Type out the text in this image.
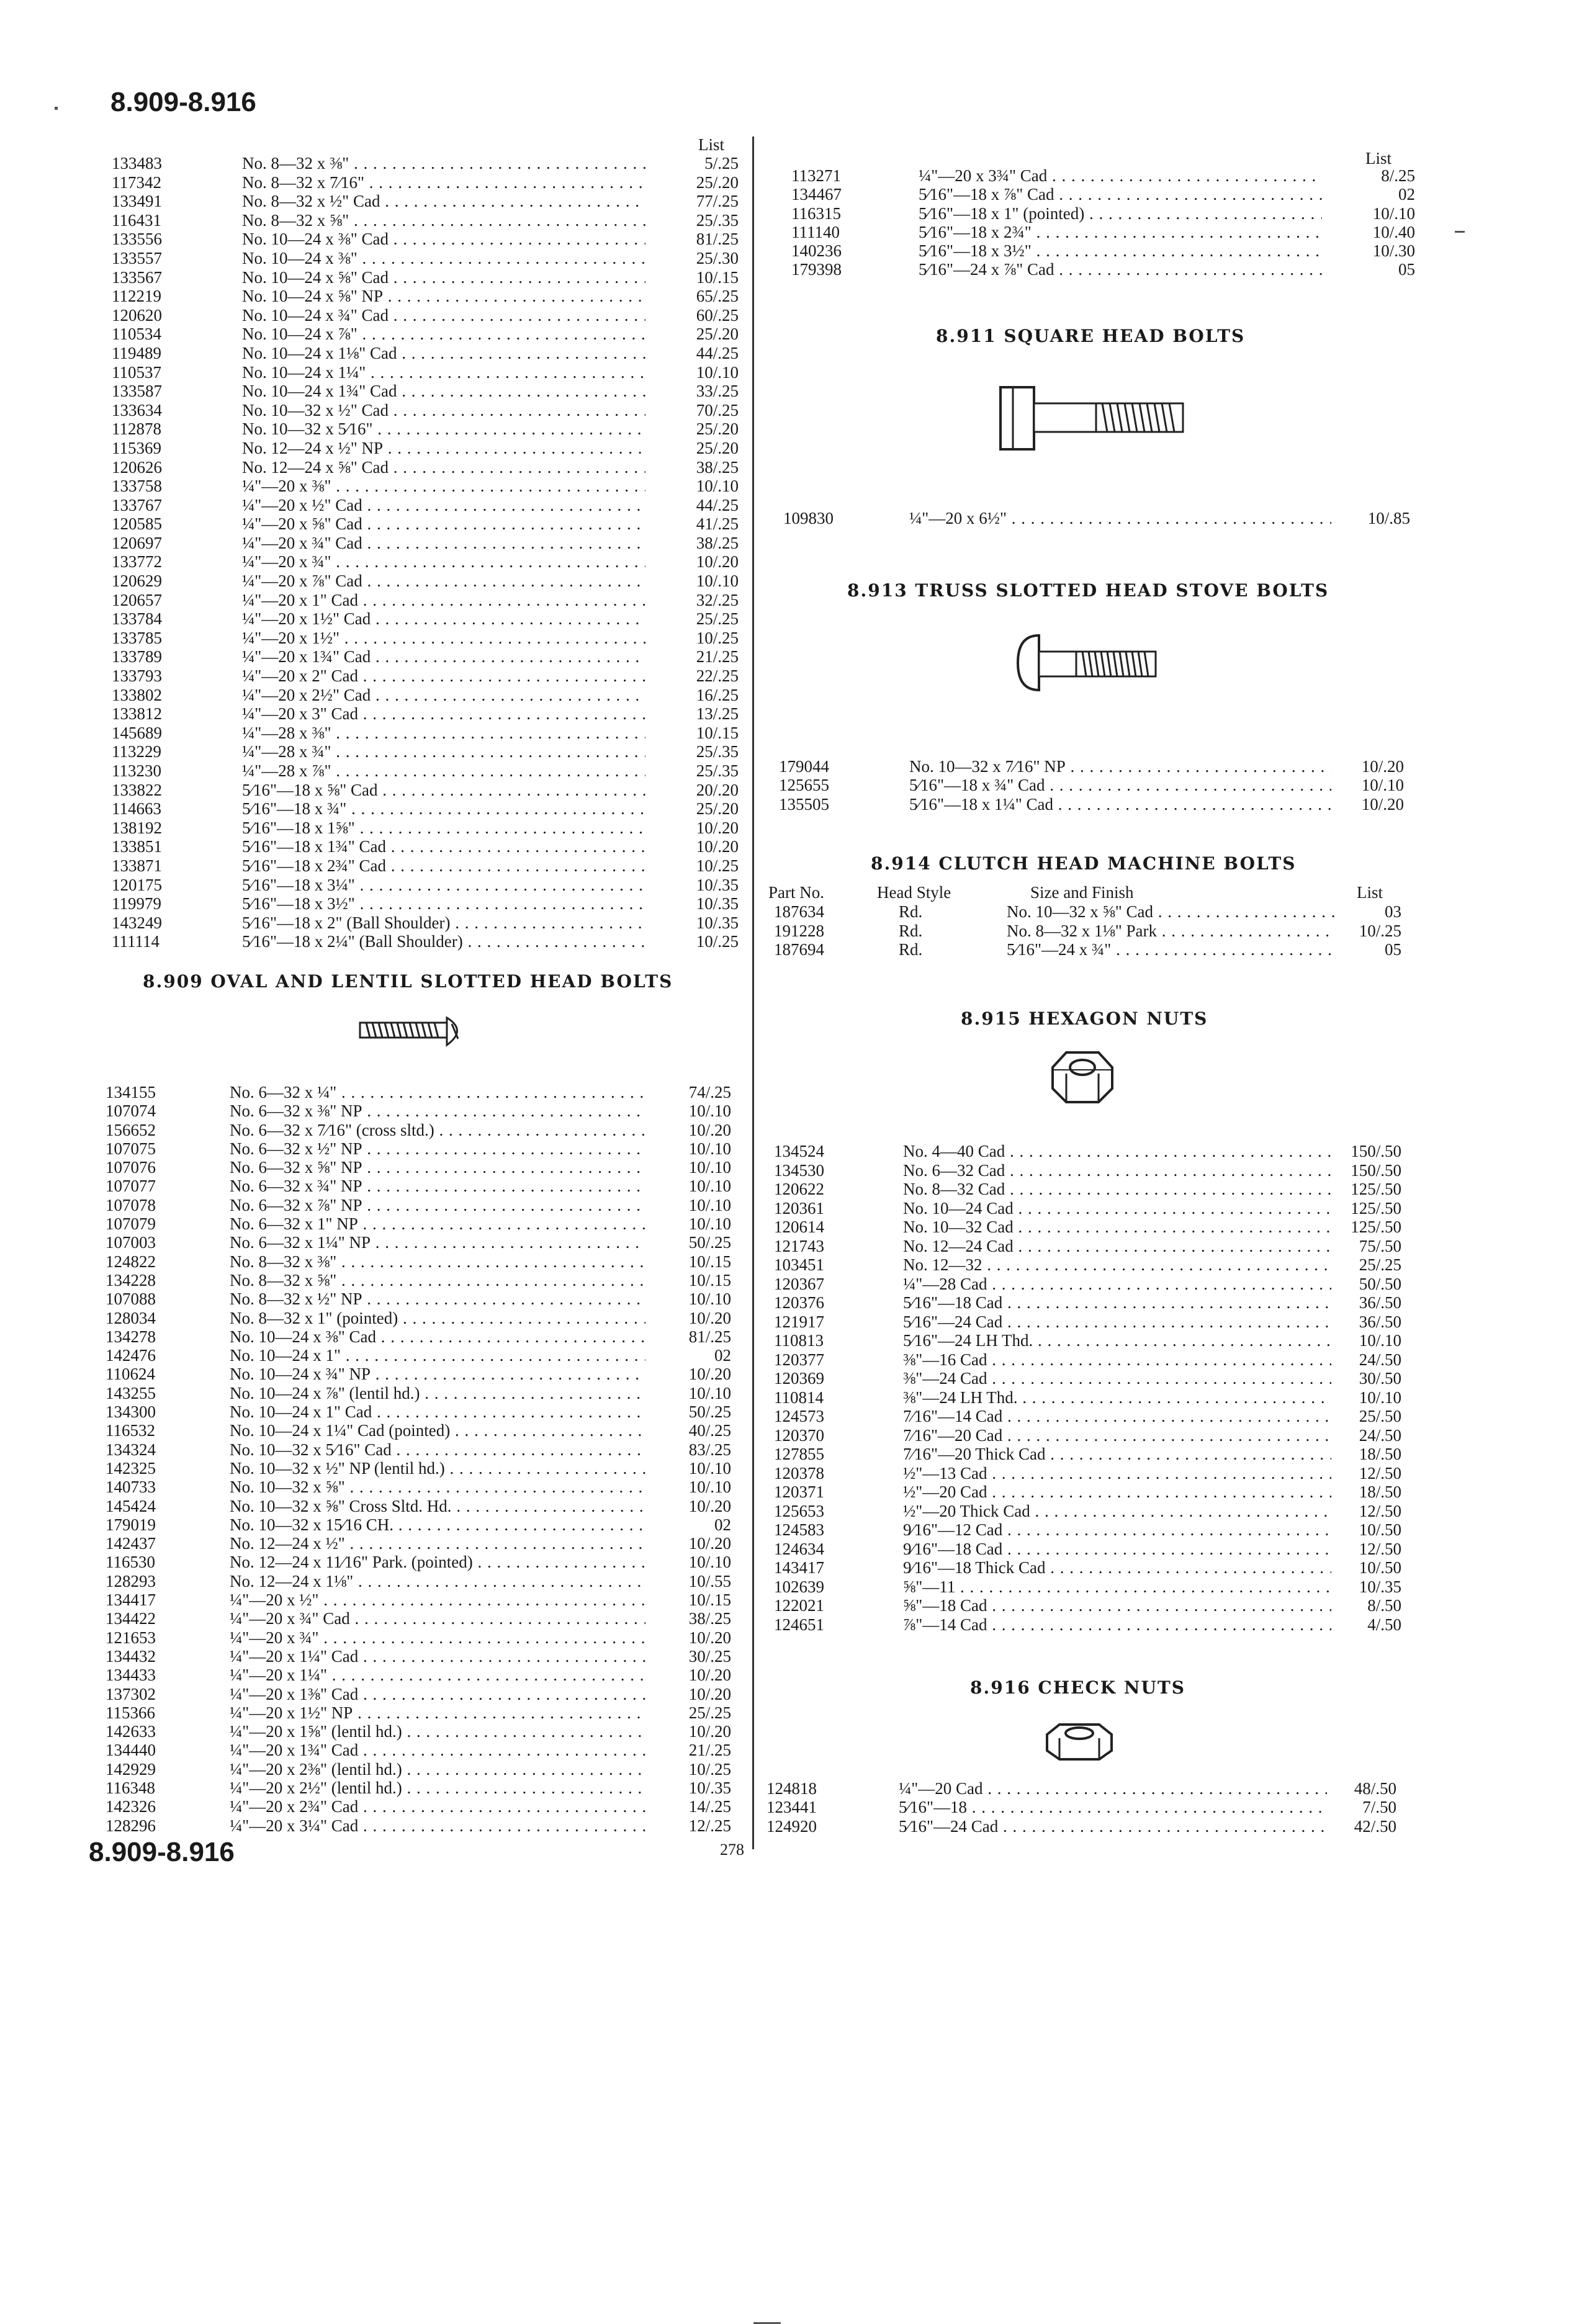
8.909-8.916
List
133483	No. 8—32 x ⅜" . . .	5/.25
117342	No. 8—32 x 7⁄16" . . .	25/.20
133491	No. 8—32 x ½" Cad . . .	77/.25
116431	No. 8—32 x ⅝" . . .	25/.35
133556	No. 10—24 x ⅜" Cad . . .	81/.25
133557	No. 10—24 x ⅜" . . .	25/.30
133567	No. 10—24 x ⅝" Cad . . .	10/.15
112219	No. 10—24 x ⅝" NP . . .	65/.25
120620	No. 10—24 x ¾" Cad . . .	60/.25
110534	No. 10—24 x ⅞" . . .	25/.20
119489	No. 10—24 x 1⅛" Cad . . .	44/.25
110537	No. 10—24 x 1¼" . . .	10/.10
133587	No. 10—24 x 1¾" Cad . . .	33/.25
133634	No. 10—32 x ½" Cad . . .	70/.25
112878	No. 10—32 x 5⁄16" . . .	25/.20
115369	No. 12—24 x ½" NP . . .	25/.20
120626	No. 12—24 x ⅝" Cad . . .	38/.25
133758	¼"—20 x ⅜" . . .	10/.10
133767	¼"—20 x ½" Cad . . .	44/.25
120585	¼"—20 x ⅝" Cad . . .	41/.25
120697	¼"—20 x ¾" Cad . . .	38/.25
133772	¼"—20 x ¾" . . .	10/.20
120629	¼"—20 x ⅞" Cad . . .	10/.10
120657	¼"—20 x 1" Cad . . .	32/.25
133784	¼"—20 x 1½" Cad . . .	25/.25
133785	¼"—20 x 1½" . . .	10/.25
133789	¼"—20 x 1¾" Cad . . .	21/.25
133793	¼"—20 x 2" Cad . . .	22/.25
133802	¼"—20 x 2½" Cad . . .	16/.25
133812	¼"—20 x 3" Cad . . .	13/.25
145689	¼"—28 x ⅜" . . .	10/.15
113229	¼"—28 x ¾" . . .	25/.35
113230	¼"—28 x ⅞" . . .	25/.35
133822	5⁄16"—18 x ⅝" Cad . . .	20/.20
114663	5⁄16"—18 x ¾" . . .	25/.20
138192	5⁄16"—18 x 1⅝" . . .	10/.20
133851	5⁄16"—18 x 1¾" Cad . . .	10/.20
133871	5⁄16"—18 x 2¾" Cad . . .	10/.25
120175	5⁄16"—18 x 3¼" . . .	10/.35
119979	5⁄16"—18 x 3½" . . .	10/.35
143249	5⁄16"—18 x 2" (Ball Shoulder) . . .	10/.35
111114	5⁄16"—18 x 2¼" (Ball Shoulder) . . .	10/.25
8.909 OVAL AND LENTIL SLOTTED HEAD BOLTS
134155	No. 6—32 x ¼" . . .	74/.25
107074	No. 6—32 x ⅜" NP . . .	10/.10
156652	No. 6—32 x 7⁄16" (cross sltd.) . . .	10/.20
107075	No. 6—32 x ½" NP . . .	10/.10
107076	No. 6—32 x ⅝" NP . . .	10/.10
107077	No. 6—32 x ¾" NP . . .	10/.10
107078	No. 6—32 x ⅞" NP . . .	10/.10
107079	No. 6—32 x 1" NP . . .	10/.10
107003	No. 6—32 x 1¼" NP . . .	50/.25
124822	No. 8—32 x ⅜" . . .	10/.15
134228	No. 8—32 x ⅝" . . .	10/.15
107088	No. 8—32 x ½" NP . . .	10/.10
128034	No. 8—32 x 1" (pointed) . . .	10/.20
134278	No. 10—24 x ⅜" Cad . . .	81/.25
142476	No. 10—24 x 1" . . .	02
110624	No. 10—24 x ¾" NP . . .	10/.20
143255	No. 10—24 x ⅞" (lentil hd.) . . .	10/.10
134300	No. 10—24 x 1" Cad . . .	50/.25
116532	No. 10—24 x 1¼" Cad (pointed) . . .	40/.25
134324	No. 10—32 x 5⁄16" Cad . . .	83/.25
142325	No. 10—32 x ½" NP (lentil hd.) . . .	10/.10
140733	No. 10—32 x ⅝" . . .	10/.10
145424	No. 10—32 x ⅝" Cross Sltd. Hd. . . .	10/.20
179019	No. 10—32 x 15⁄16 CH. . . .	02
142437	No. 12—24 x ½" . . .	10/.20
116530	No. 12—24 x 11⁄16" Park. (pointed) . . .	10/.10
128293	No. 12—24 x 1⅛" . . .	10/.55
134417	¼"—20 x ½" . . .	10/.15
134422	¼"—20 x ¾" Cad . . .	38/.25
121653	¼"—20 x ¾" . . .	10/.20
134432	¼"—20 x 1¼" Cad . . .	30/.25
134433	¼"—20 x 1¼" . . .	10/.20
137302	¼"—20 x 1⅜" Cad . . .	10/.20
115366	¼"—20 x 1½" NP . . .	25/.25
142633	¼"—20 x 1⅝" (lentil hd.) . . .	10/.20
134440	¼"—20 x 1¾" Cad . . .	21/.25
142929	¼"—20 x 2⅜" (lentil hd.) . . .	10/.25
116348	¼"—20 x 2½" (lentil hd.) . . .	10/.35
142326	¼"—20 x 2¾" Cad . . .	14/.25
128296	¼"—20 x 3¼" Cad . . .	12/.25
List
113271	¼"—20 x 3¾" Cad . . .	8/.25
134467	5⁄16"—18 x ⅞" Cad . . .	02
116315	5⁄16"—18 x 1" (pointed) . . .	10/.10
111140	5⁄16"—18 x 2¾" . . .	10/.40
140236	5⁄16"—18 x 3½" . . .	10/.30
179398	5⁄16"—24 x ⅞" Cad . . .	05
8.911 SQUARE HEAD BOLTS
109830	¼"—20 x 6½" . . .	10/.85
8.913 TRUSS SLOTTED HEAD STOVE BOLTS
179044	No. 10—32 x 7⁄16" NP . . .	10/.20
125655	5⁄16"—18 x ¾" Cad . . .	10/.10
135505	5⁄16"—18 x 1¼" Cad . . .	10/.20
8.914 CLUTCH HEAD MACHINE BOLTS
Part No.	Head Style	Size and Finish	List
187634	Rd.	No. 10—32 x ⅝" Cad . . .	03
191228	Rd.	No. 8—32 x 1⅛" Park . . .	10/.25
187694	Rd.	5⁄16"—24 x ¾" . . .	05
8.915 HEXAGON NUTS
134524	No. 4—40 Cad . . .	150/.50
134530	No. 6—32 Cad . . .	150/.50
120622	No. 8—32 Cad . . .	125/.50
120361	No. 10—24 Cad . . .	125/.50
120614	No. 10—32 Cad . . .	125/.50
121743	No. 12—24 Cad . . .	75/.50
103451	No. 12—32 . . .	25/.25
120367	¼"—28 Cad . . .	50/.50
120376	5⁄16"—18 Cad . . .	36/.50
121917	5⁄16"—24 Cad . . .	36/.50
110813	5⁄16"—24 LH Thd. . . .	10/.10
120377	⅜"—16 Cad . . .	24/.50
120369	⅜"—24 Cad . . .	30/.50
110814	⅜"—24 LH Thd. . . .	10/.10
124573	7⁄16"—14 Cad . . .	25/.50
120370	7⁄16"—20 Cad . . .	24/.50
127855	7⁄16"—20 Thick Cad . . .	18/.50
120378	½"—13 Cad . . .	12/.50
120371	½"—20 Cad . . .	18/.50
125653	½"—20 Thick Cad . . .	12/.50
124583	9⁄16"—12 Cad . . .	10/.50
124634	9⁄16"—18 Cad . . .	12/.50
143417	9⁄16"—18 Thick Cad . . .	10/.50
102639	⅝"—11 . . .	10/.35
122021	⅝"—18 Cad . . .	8/.50
124651	⅞"—14 Cad . . .	4/.50
8.916 CHECK NUTS
124818	¼"—20 Cad . . .	48/.50
123441	5⁄16"—18 . . .	7/.50
124920	5⁄16"—24 Cad . . .	42/.50
8.909-8.916	278
